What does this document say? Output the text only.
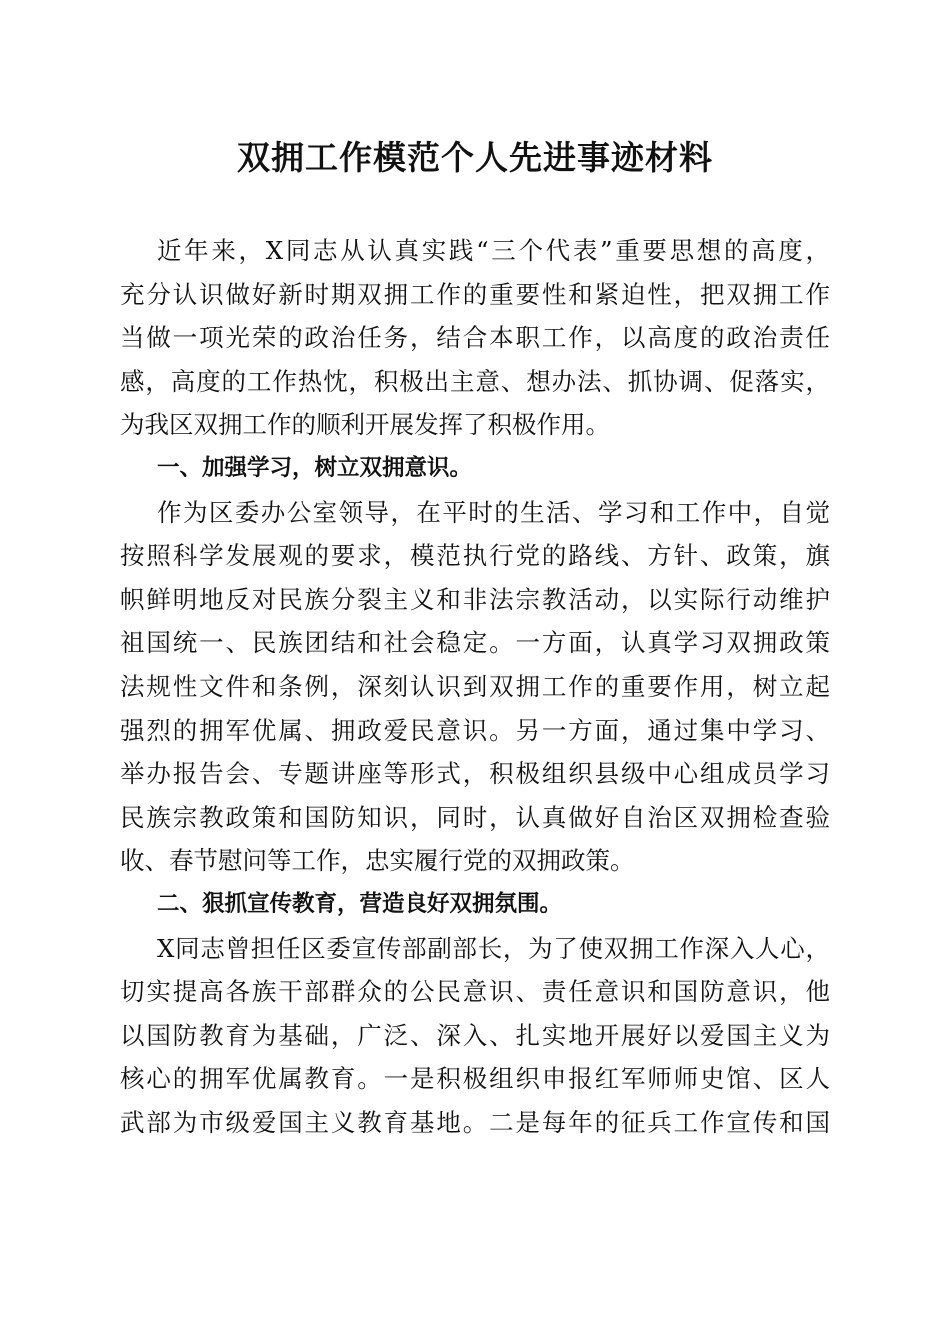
双拥工作模范个人先进事迹材料
近年来，X同志从认真实践“三个代表”重要思想的高度，
充分认识做好新时期双拥工作的重要性和紧迫性，把双拥工作
当做一项光荣的政治任务，结合本职工作，以高度的政治责任
感，高度的工作热忱，积极出主意、想办法、抓协调、促落实，
为我区双拥工作的顺利开展发挥了积极作用。
一、加强学习，树立双拥意识。
作为区委办公室领导，在平时的生活、学习和工作中，自觉
按照科学发展观的要求，模范执行党的路线、方针、政策，旗
帜鲜明地反对民族分裂主义和非法宗教活动，以实际行动维护
祖国统一、民族团结和社会稳定。一方面，认真学习双拥政策
法规性文件和条例，深刻认识到双拥工作的重要作用，树立起
强烈的拥军优属、拥政爱民意识。另一方面，通过集中学习、
举办报告会、专题讲座等形式，积极组织县级中心组成员学习
民族宗教政策和国防知识，同时，认真做好自治区双拥检查验
收、春节慰问等工作，忠实履行党的双拥政策。
二、狠抓宣传教育，营造良好双拥氛围。
X同志曾担任区委宣传部副部长，为了使双拥工作深入人心，
切实提高各族干部群众的公民意识、责任意识和国防意识，他
以国防教育为基础，广泛、深入、扎实地开展好以爱国主义为
核心的拥军优属教育。一是积极组织申报红军师师史馆、区人
武部为市级爱国主义教育基地。二是每年的征兵工作宣传和国
